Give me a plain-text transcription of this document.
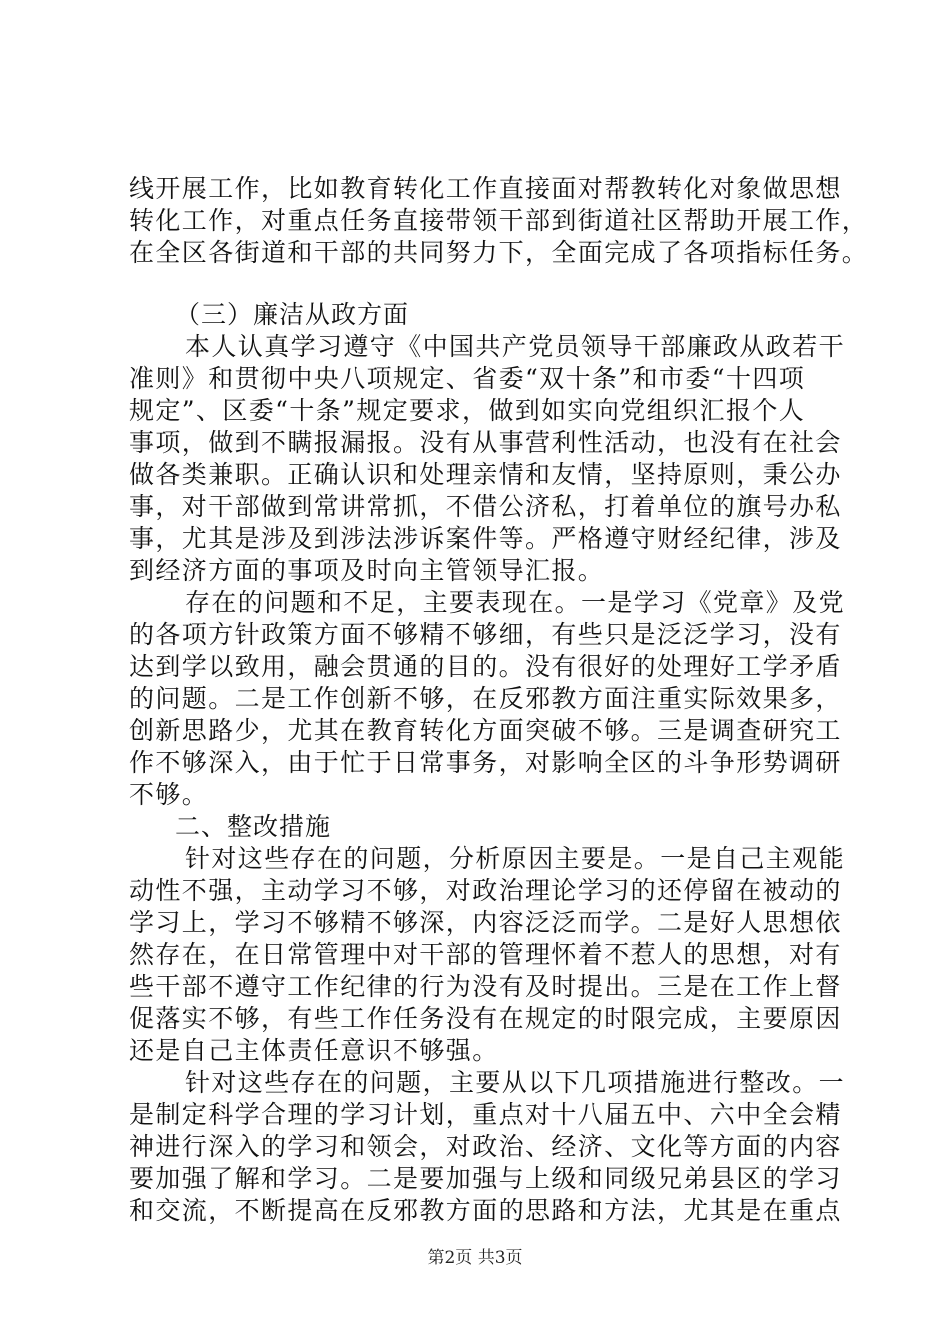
线开展工作，比如教育转化工作直接面对帮教转化对象做思想
转化工作，对重点任务直接带领干部到街道社区帮助开展工作，
在全区各街道和干部的共同努力下，全面完成了各项指标任务。
（三）廉洁从政方面
本人认真学习遵守《中国共产党员领导干部廉政从政若干
准则》和贯彻中央八项规定、省委“双十条”和市委“十四项
规定”、区委“十条”规定要求，做到如实向党组织汇报个人
事项，做到不瞒报漏报。没有从事营利性活动，也没有在社会
做各类兼职。正确认识和处理亲情和友情，坚持原则，秉公办
事，对干部做到常讲常抓，不借公济私，打着单位的旗号办私
事，尤其是涉及到涉法涉诉案件等。严格遵守财经纪律，涉及
到经济方面的事项及时向主管领导汇报。
存在的问题和不足，主要表现在。一是学习《党章》及党
的各项方针政策方面不够精不够细，有些只是泛泛学习，没有
达到学以致用，融会贯通的目的。没有很好的处理好工学矛盾
的问题。二是工作创新不够，在反邪教方面注重实际效果多，
创新思路少，尤其在教育转化方面突破不够。三是调查研究工
作不够深入，由于忙于日常事务，对影响全区的斗争形势调研
不够。
二、整改措施
针对这些存在的问题，分析原因主要是。一是自己主观能
动性不强，主动学习不够，对政治理论学习的还停留在被动的
学习上，学习不够精不够深，内容泛泛而学。二是好人思想依
然存在，在日常管理中对干部的管理怀着不惹人的思想，对有
些干部不遵守工作纪律的行为没有及时提出。三是在工作上督
促落实不够，有些工作任务没有在规定的时限完成，主要原因
还是自己主体责任意识不够强。
针对这些存在的问题，主要从以下几项措施进行整改。一
是制定科学合理的学习计划，重点对十八届五中、六中全会精
神进行深入的学习和领会，对政治、经济、文化等方面的内容
要加强了解和学习。二是要加强与上级和同级兄弟县区的学习
和交流，不断提高在反邪教方面的思路和方法，尤其是在重点
第2页 共3页
